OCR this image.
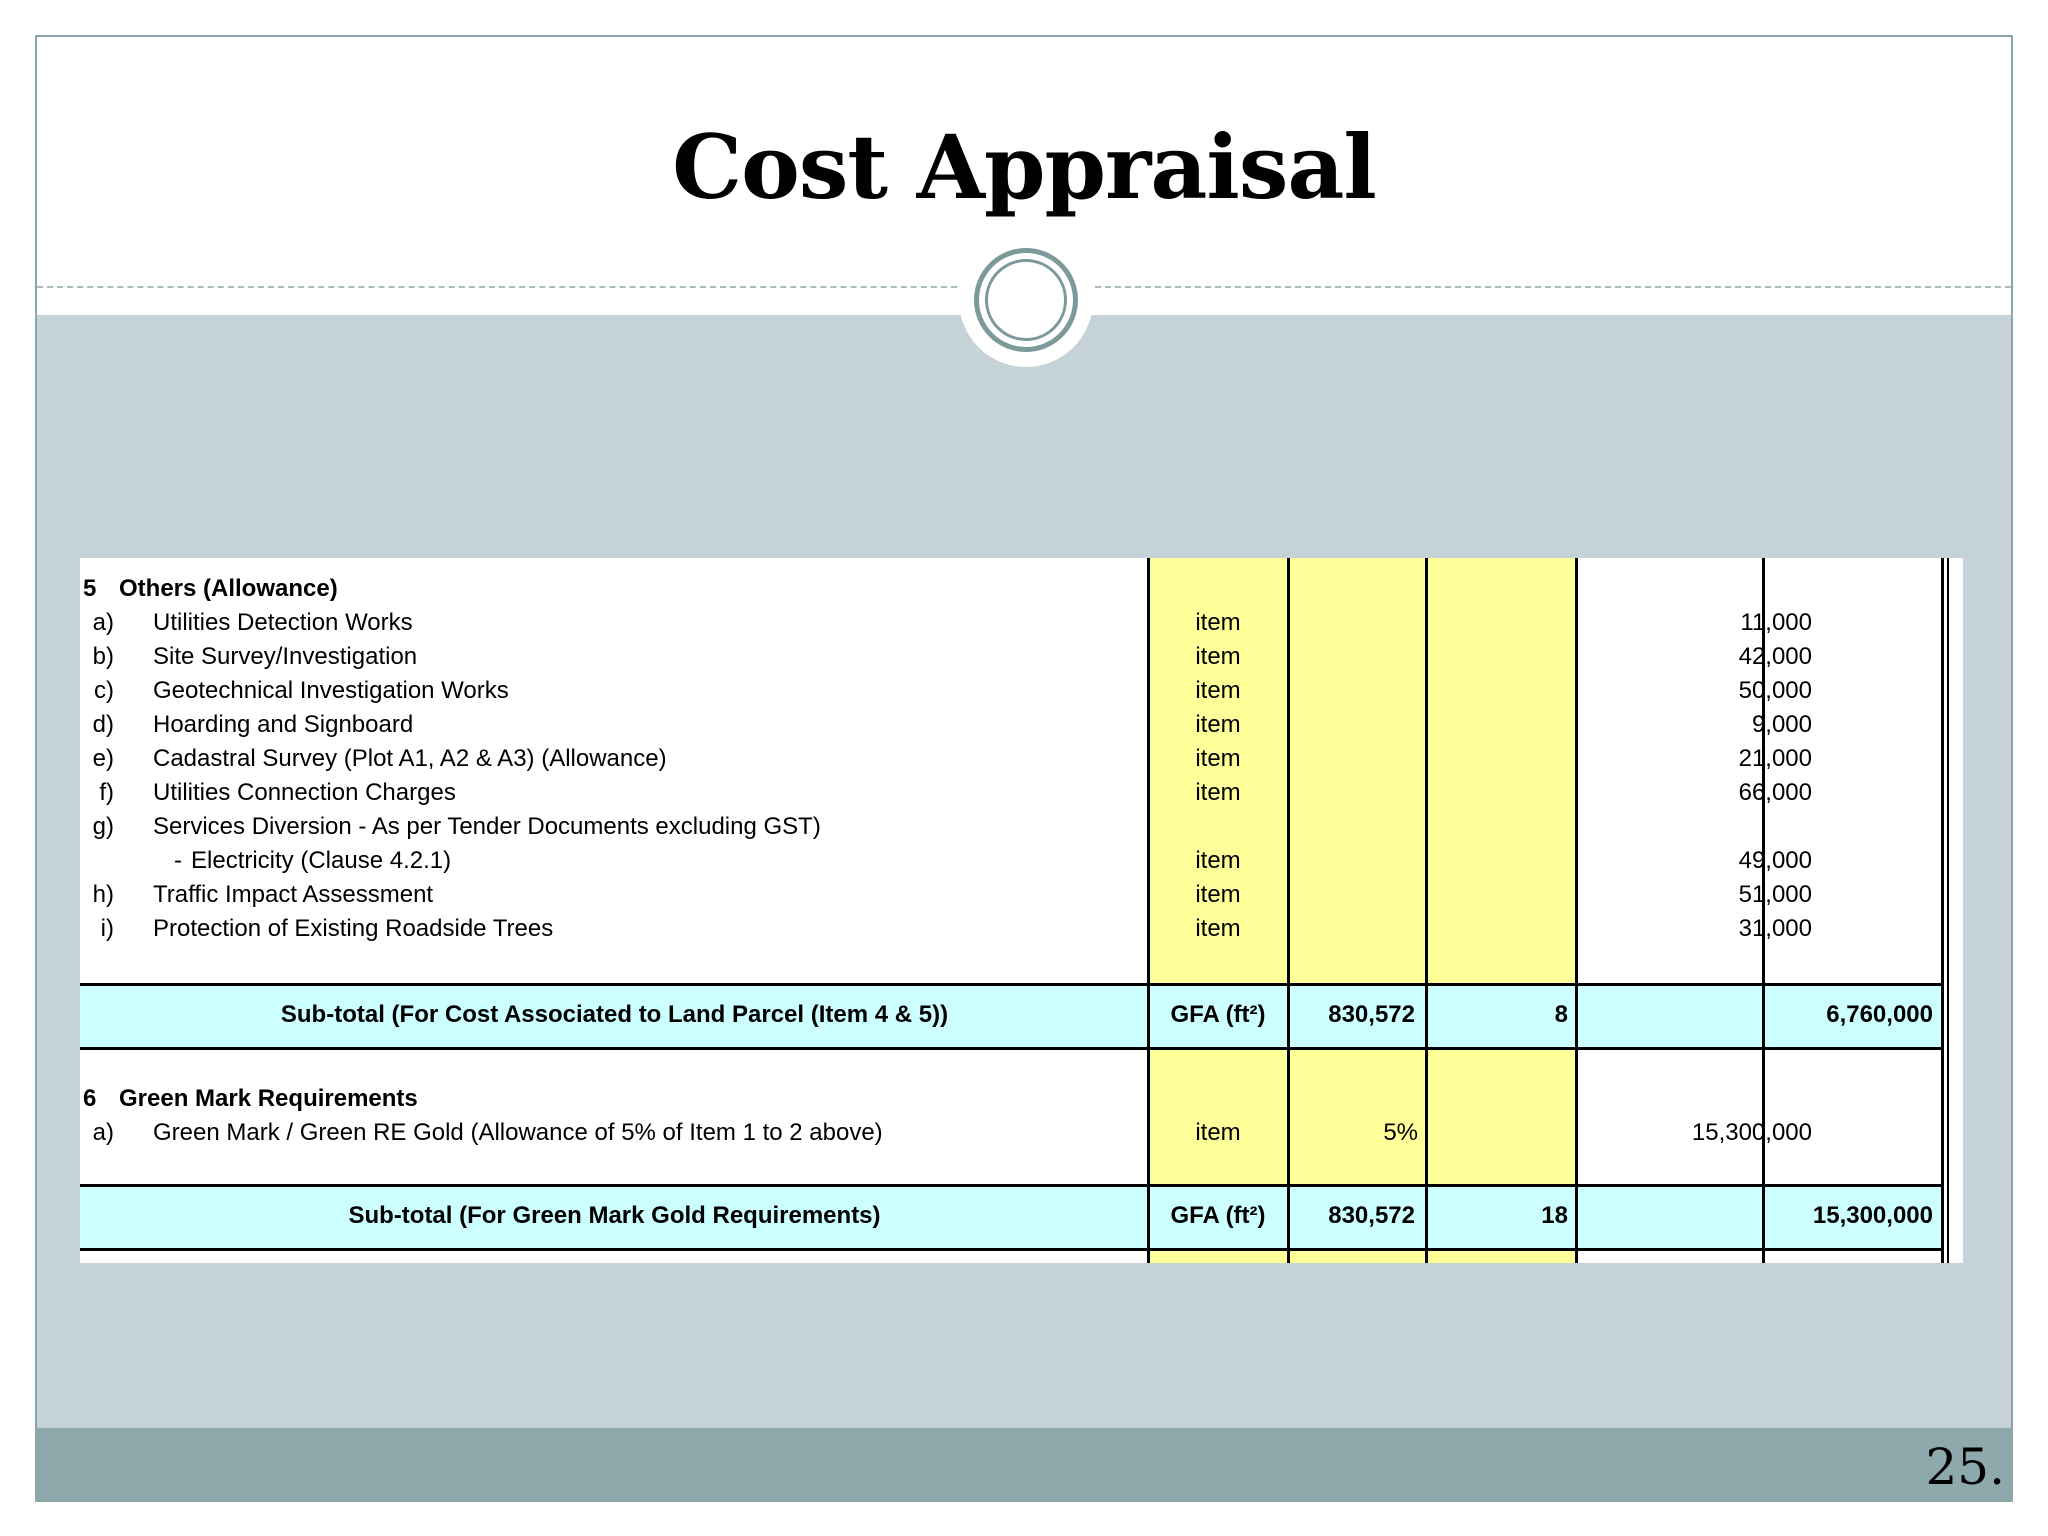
Cost Appraisal
5 Others (Allowance)
a) Utilities Detection Works	item	11,000
b) Site Survey/Investigation	item	42,000
c) Geotechnical Investigation Works	item	50,000
d) Hoarding and Signboard	item	9,000
e) Cadastral Survey (Plot A1, A2 & A3) (Allowance)	item	21,000
f) Utilities Connection Charges	item	66,000
g) Services Diversion - As per Tender Documents excluding GST)
- Electricity (Clause 4.2.1)	item	49,000
h) Traffic Impact Assessment	item	51,000
i) Protection of Existing Roadside Trees	item	31,000
Sub-total (For Cost Associated to Land Parcel (Item 4 & 5))	GFA (ft²)	830,572	8	6,760,000
6 Green Mark Requirements
a) Green Mark / Green RE Gold (Allowance of 5% of Item 1 to 2 above)	item	5%	15,300,000
Sub-total (For Green Mark Gold Requirements)	GFA (ft²)	830,572	18	15,300,000
25.
